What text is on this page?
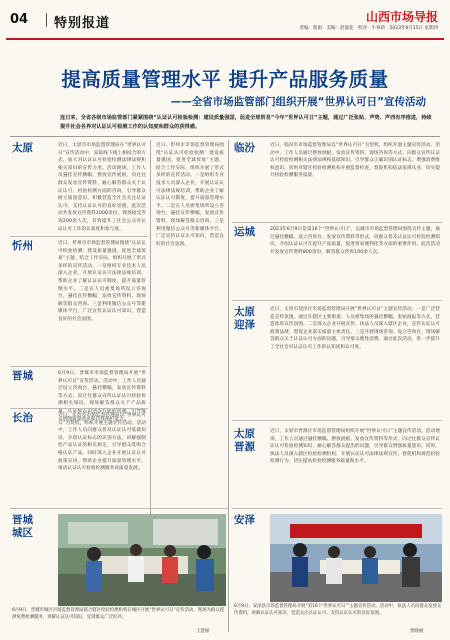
04 特别报道	山西市场导报
责编：程娟　美编：赵淑花　校对：牛翠莉　2023年6月15日 星期四
提高质量管理水平 提升产品服务质量
——全省市场监管部门组织开展“世界认可日”宣传活动
连日来，全省各级市场监管部门紧紧围绕“认证认可检验检测：建设质量强国，促进全球贸易”今年“世界认可日”主题，通过广泛张贴、声势、声西有序推进，持续提升社会各界对认证认可检测工作的认知度和群众的获得感。
太原	近日，太原市市场监督管理局在“世界认可日”宣传活动中，采取线下线上相结合的方式，加大对认证认可检验检测法律法规和相关知识的宣传力度。活动现场，工作人员悬挂宣传横幅、摆放宣传展板，向过往群众发放宣传资料，耐心解答群众关于认证认可、检验检测方面的咨询，引导群众树立质量意识，积极营造全社会关注认证认可、支持认证认可的良好氛围。此次活动共发放宣传资料1000余份，现场接受咨询200余人次，有效提升了社会公众对认证认可工作的认知度和参与度。
忻州	近日，忻州市市场监督管理局围绕“认证认可检验检测：建设质量强国，促进全球贸易”主题，结合工作实际，组织开展了形式多样的宣传活动。一是组织专业技术人员深入企业，开展认证认可法律法规培训，帮助企业了解认证认可制度、提升质量管理水平。二是在人员密集场所设立咨询台，悬挂宣传横幅，发放宣传资料，现场解答群众咨询。三是利用微信公众号等新媒体平台，广泛宣传认证认可知识，营造良好的社会氛围。
晋城	6月9日，晋城市市场监督管理局开展“世界认可日”宣传活动。活动中，工作人员通过设立咨询台、悬挂横幅、发放宣传资料等方式，向过往群众宣传认证认可检验检测相关知识，现场解答群众关于产品质量、认证标志识别等方面的问题，引导群众增强质量意识和自我保护能力。
长治	近日，长治市市场监督管理局以“世界认可日”为契机，组织开展主题宣传活动。活动中，工作人员向群众普及认证认可基础知识，介绍认证标志的识别方法，讲解强制性产品认证的相关规定，引导群众选购合格认证产品。同时深入企业开展认证认可政策宣讲，帮助企业提升质量管理水平，推动认证认可检验检测服务高质量发展。
近日，忻州市市场监督管理局围绕“认证认可检验检测：建设质量强国，促进全球贸易”主题，结合工作实际，组织开展了形式多样的宣传活动。一是组织专业技术人员深入企业，开展认证认可法律法规培训，帮助企业了解认证认可制度、提升质量管理水平。二是在人员密集场所设立咨询台，悬挂宣传横幅，发放宣传资料，现场解答群众咨询。三是利用微信公众号等新媒体平台，广泛宣传认证认可知识，营造良好的社会氛围。
晋城
城区
6月9日，晋城市城区市场监督管理局联合辖区检验检测机构在城区开展“世界认可日”宣传活动，现场为群众提供免费检测服务，讲解认证认可知识，受到群众广泛好评。
王慧丽
临汾	近日，临汾市市场监督管理局以“世界认可日”为契机，组织开展主题宣传活动。活动中，工作人员通过摆放展板、发放宣传资料、现场咨询等方式，向群众宣传认证认可检验检测相关法律法规和基础知识，引导群众正确识别认证标志，增强消费维权意识，同时对辖区检验检测机构开展监督检查，督促机构依法依规从业，切实提升检验检测服务质量。
运城	2023年6月9日是第16个“世界认可日”，运城市市场监督管理局围绕宣传主题，通过悬挂横幅、设立咨询台、发放宣传资料等形式，向群众普及认证认可检验检测知识，介绍认证认可在提升产品质量、促进贸易便利化等方面的重要作用。此次活动共发放宣传资料800余份，解答群众咨询100余人次。
太原
迎泽
近日，太原市迎泽区市场监督管理局开展“世界认可日”主题宣传活动。一是广泛营造宣传氛围。通过在辖区主要街道、人员密集场所悬挂横幅、张贴海报等方式，营造浓厚宣传氛围。二是深入企业开展宣传。执法人员深入辖区企业，宣传认证认可政策法规，督促企业落实质量主体责任。三是开展现场咨询。设立咨询台，现场解答群众关于认证认可方面的问题，引导群众理性消费。通过此次活动，进一步提升了全社会对认证认可工作的认知度和认可度。
太原
晋源
近日，太原市晋源区市场监督管理局组织开展“世界认可日”主题宣传活动。活动现场，工作人员通过悬挂横幅、摆放展板、发放宣传资料等形式，向过往群众宣传认证认可检验检测知识，耐心解答群众提出的问题，引导群众增强质量意识。同时，执法人员深入辖区检验检测机构，开展认证认可法律法规宣传，督促机构规范检验检测行为，切实提高检验检测服务质量和水平。
安泽
6月9日，安泽县市场监督管理局开展“第16个‘世界认可日’”主题宣传活动。活动中，执法人员向群众发放宣传资料，讲解认证认可知识，营造关注认证认可、支持认证认可的良好氛围。
贾晓丽
